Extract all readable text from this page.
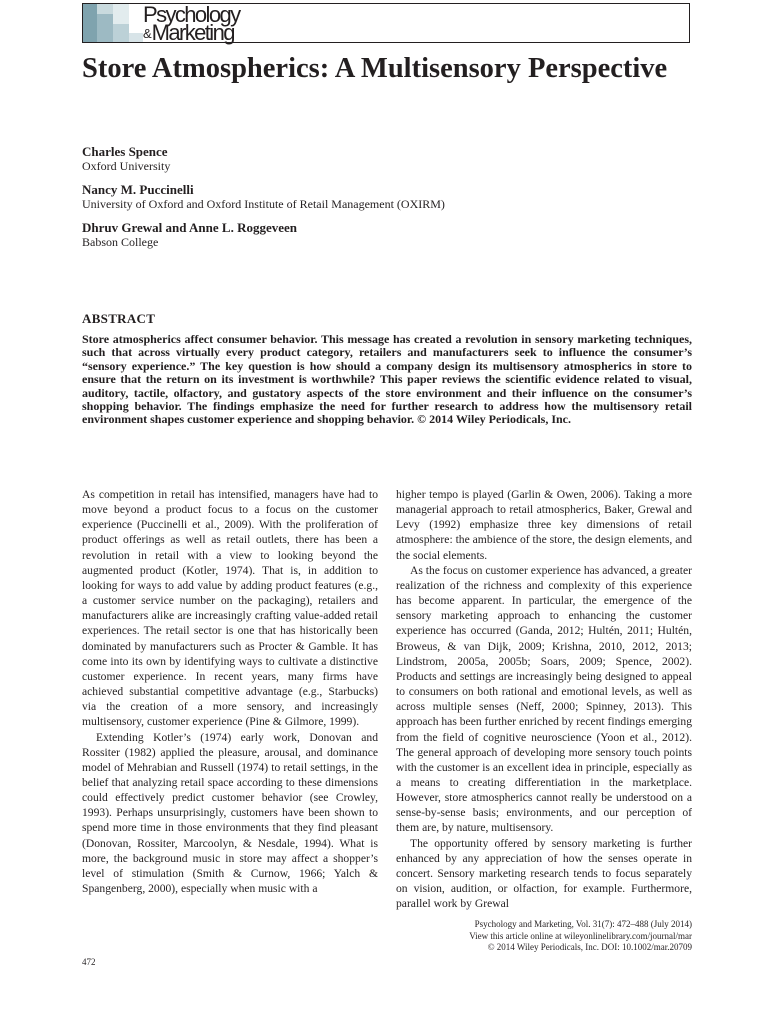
Psychology
&Marketing
Store Atmospherics: A Multisensory Perspective
Charles Spence
Oxford University
Nancy M. Puccinelli
University of Oxford and Oxford Institute of Retail Management (OXIRM)
Dhruv Grewal and Anne L. Roggeveen
Babson College
ABSTRACT

Store atmospherics affect consumer behavior. This message has created a revolution in sensory marketing techniques, such that across virtually every product category, retailers and manufacturers seek to influence the consumer’s “sensory experience.” The key question is how should a company design its multisensory atmospherics in store to ensure that the return on its investment is worthwhile? This paper reviews the scientific evidence related to visual, auditory, tactile, olfactory, and gustatory aspects of the store environment and their influence on the consumer’s shopping behavior. The findings emphasize the need for further research to address how the multisensory retail environment shapes customer experience and shopping behavior. © 2014 Wiley Periodicals, Inc.

As competition in retail has intensified, managers have had to move beyond a product focus to a focus on the customer experience (Puccinelli et al., 2009). With the proliferation of product offerings as well as retail outlets, there has been a revolution in retail with a view to looking beyond the augmented product (Kotler, 1974). That is, in addition to looking for ways to add value by adding product features (e.g., a customer service number on the packaging), retailers and manufacturers alike are increasingly crafting value-added retail experiences. The retail sector is one that has historically been dominated by manufacturers such as Procter & Gamble. It has come into its own by identifying ways to cultivate a distinctive customer experience. In recent years, many firms have achieved substantial competitive advantage (e.g., Starbucks) via the creation of a more sensory, and increasingly multisensory, customer experience (Pine & Gilmore, 1999).

Extending Kotler’s (1974) early work, Donovan and Rossiter (1982) applied the pleasure, arousal, and dominance model of Mehrabian and Russell (1974) to retail settings, in the belief that analyzing retail space according to these dimensions could effectively predict customer behavior (see Crowley, 1993). Perhaps unsurprisingly, customers have been shown to spend more time in those environments that they find pleasant (Donovan, Rossiter, Marcoolyn, & Nesdale, 1994). What is more, the background music in store may affect a shopper’s level of stimulation (Smith & Curnow, 1966; Yalch & Spangenberg, 2000), especially when music with a

higher tempo is played (Garlin & Owen, 2006). Taking a more managerial approach to retail atmospherics, Baker, Grewal and Levy (1992) emphasize three key dimensions of retail atmosphere: the ambience of the store, the design elements, and the social elements.

As the focus on customer experience has advanced, a greater realization of the richness and complexity of this experience has become apparent. In particular, the emergence of the sensory marketing approach to enhancing the customer experience has occurred (Ganda, 2012; Hultén, 2011; Hultén, Broweus, & van Dijk, 2009; Krishna, 2010, 2012, 2013; Lindstrom, 2005a, 2005b; Soars, 2009; Spence, 2002). Products and settings are increasingly being designed to appeal to consumers on both rational and emotional levels, as well as across multiple senses (Neff, 2000; Spinney, 2013). This approach has been further enriched by recent findings emerging from the field of cognitive neuroscience (Yoon et al., 2012). The general approach of developing more sensory touch points with the customer is an excellent idea in principle, especially as a means to creating differentiation in the marketplace. However, store atmospherics cannot really be understood on a sense-by-sense basis; environments, and our perception of them are, by nature, multisensory.

The opportunity offered by sensory marketing is further enhanced by any appreciation of how the senses operate in concert. Sensory marketing research tends to focus separately on vision, audition, or olfaction, for example. Furthermore, parallel work by Grewal

Psychology and Marketing, Vol. 31(7): 472–488 (July 2014)
View this article online at wileyonlinelibrary.com/journal/mar
© 2014 Wiley Periodicals, Inc. DOI: 10.1002/mar.20709
472
